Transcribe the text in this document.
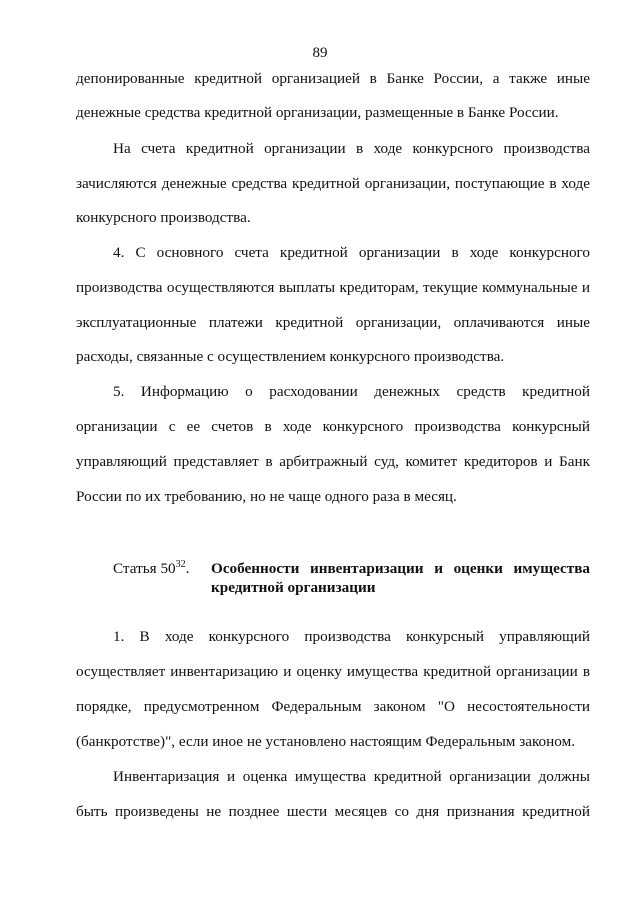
89
депонированные кредитной организацией в Банке России, а также иные
денежные средства кредитной организации, размещенные в Банке России.
На счета кредитной организации в ходе конкурсного производства
зачисляются денежные средства кредитной организации, поступающие в ходе
конкурсного производства.
4. С основного счета кредитной организации в ходе конкурсного
производства осуществляются выплаты кредиторам, текущие коммунальные и
эксплуатационные платежи кредитной организации, оплачиваются иные
расходы, связанные с осуществлением конкурсного производства.
5. Информацию о расходовании денежных средств кредитной
организации с ее счетов в ходе конкурсного производства конкурсный
управляющий представляет в арбитражный суд, комитет кредиторов и Банк
России по их требованию, но не чаще одного раза в месяц.
Статья $50^{32}$. Особенности инвентаризации и оценки имущества
кредитной организации
1. В ходе конкурсного производства конкурсный управляющий
осуществляет инвентаризацию и оценку имущества кредитной организации в
порядке, предусмотренном Федеральным законом "О несостоятельности
(банкротстве)", если иное не установлено настоящим Федеральным законом.
Инвентаризация и оценка имущества кредитной организации должны
быть произведены не позднее шести месяцев со дня признания кредитной
